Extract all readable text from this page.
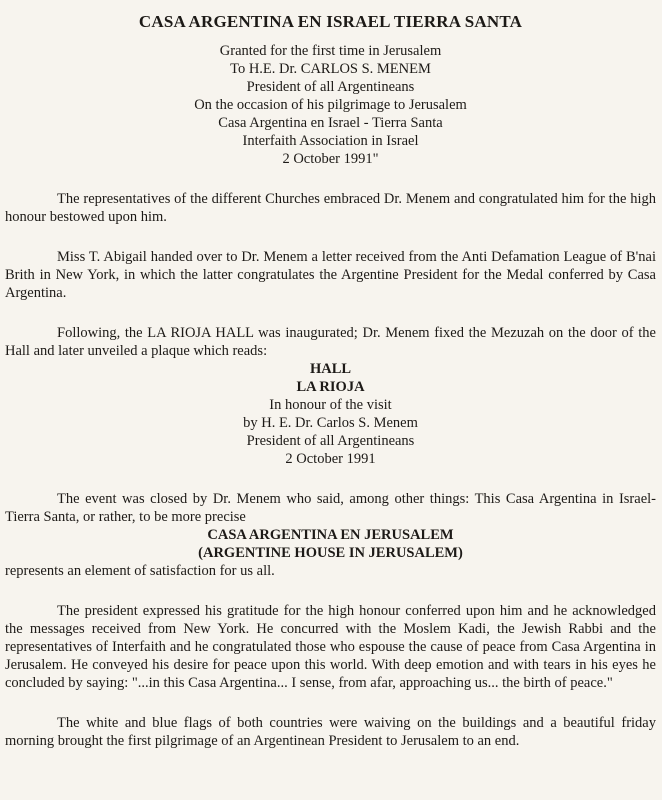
CASA ARGENTINA EN ISRAEL TIERRA SANTA
Granted for the first time in Jerusalem
To H.E. Dr. CARLOS S. MENEM
President of all Argentineans
On the occasion of his pilgrimage to Jerusalem
Casa Argentina en Israel - Tierra Santa
Interfaith Association in Israel
2 October 1991"

The representatives of the different Churches embraced Dr. Menem and congratulated him for the high honour bestowed upon him.

Miss T. Abigail handed over to Dr. Menem a letter received from the Anti Defamation League of B'nai Brith in New York, in which the latter congratulates the Argentine President for the Medal conferred by Casa Argentina.

Following, the LA RIOJA HALL was inaugurated; Dr. Menem fixed the Mezuzah on the door of the Hall and later unveiled a plaque which reads:

HALL
LA RIOJA
In honour of the visit
by H. E. Dr. Carlos S. Menem
President of all Argentineans
2 October 1991

The event was closed by Dr. Menem who said, among other things: This Casa Argentina in Israel-Tierra Santa, or rather, to be more precise

CASA ARGENTINA EN JERUSALEM
(ARGENTINE HOUSE IN JERUSALEM)

represents an element of satisfaction for us all.

The president expressed his gratitude for the high honour conferred upon him and he acknowledged the messages received from New York. He concurred with the Moslem Kadi, the Jewish Rabbi and the representatives of Interfaith and he congratulated those who espouse the cause of peace from Casa Argentina in Jerusalem. He conveyed his desire for peace upon this world. With deep emotion and with tears in his eyes he concluded by saying: "...in this Casa Argentina... I sense, from afar, approaching us... the birth of peace."

The white and blue flags of both countries were waiving on the buildings and a beautiful friday morning brought the first pilgrimage of an Argentinean President to Jerusalem to an end.
